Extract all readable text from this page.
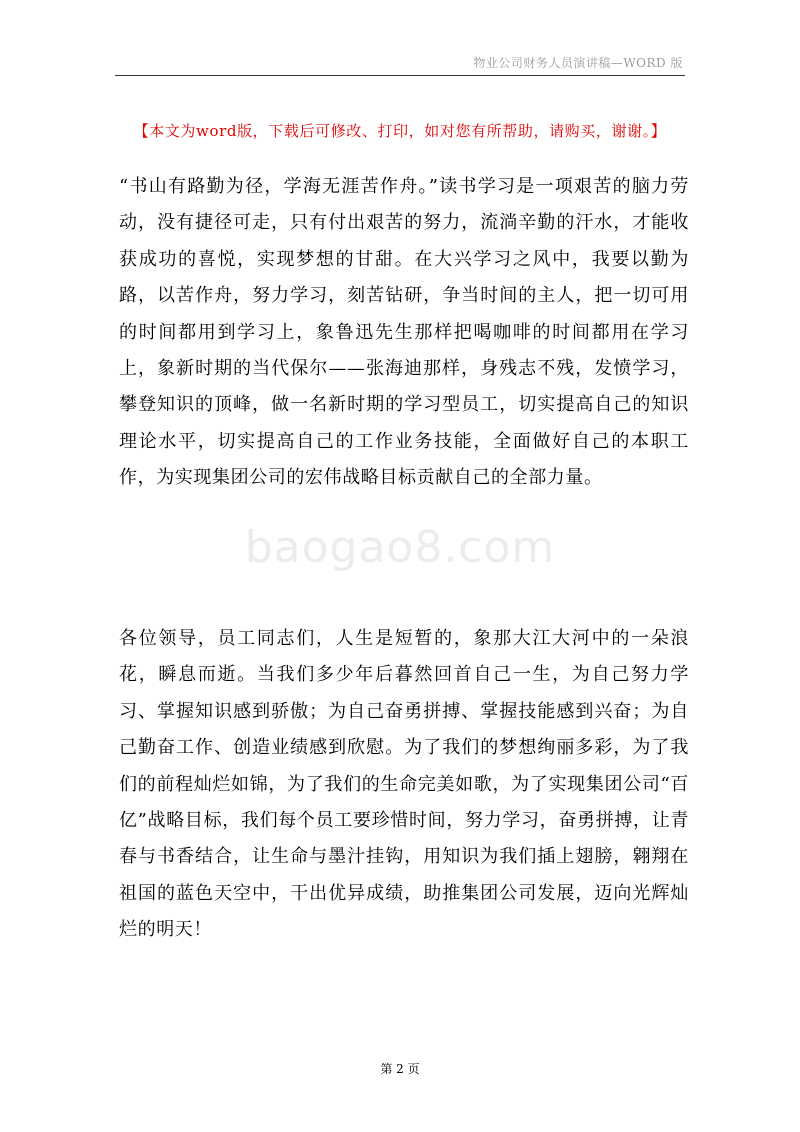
物业公司财务人员演讲稿—WORD 版
【本文为word版，下载后可修改、打印，如对您有所帮助，请购买，谢谢。】
baogao8.com
“书山有路勤为径，学海无涯苦作舟。”读书学习是一项艰苦的脑力劳动，没有捷径可走，只有付出艰苦的努力，流淌辛勤的汗水，才能收获成功的喜悦，实现梦想的甘甜。在大兴学习之风中，我要以勤为路，以苦作舟，努力学习，刻苦钻研，争当时间的主人，把一切可用的时间都用到学习上，象鲁迅先生那样把喝咖啡的时间都用在学习上，象新时期的当代保尔——张海迪那样，身残志不残，发愤学习，攀登知识的顶峰，做一名新时期的学习型员工，切实提高自己的知识理论水平，切实提高自己的工作业务技能，全面做好自己的本职工作，为实现集团公司的宏伟战略目标贡献自己的全部力量。
各位领导，员工同志们，人生是短暂的，象那大江大河中的一朵浪花，瞬息而逝。当我们多少年后暮然回首自己一生，为自己努力学习、掌握知识感到骄傲；为自己奋勇拼搏、掌握技能感到兴奋；为自己勤奋工作、创造业绩感到欣慰。为了我们的梦想绚丽多彩，为了我们的前程灿烂如锦，为了我们的生命完美如歌，为了实现集团公司“百亿”战略目标，我们每个员工要珍惜时间，努力学习，奋勇拼搏，让青春与书香结合，让生命与墨汁挂钩，用知识为我们插上翅膀，翱翔在祖国的蓝色天空中，干出优异成绩，助推集团公司发展，迈向光辉灿烂的明天！
第 2 页
